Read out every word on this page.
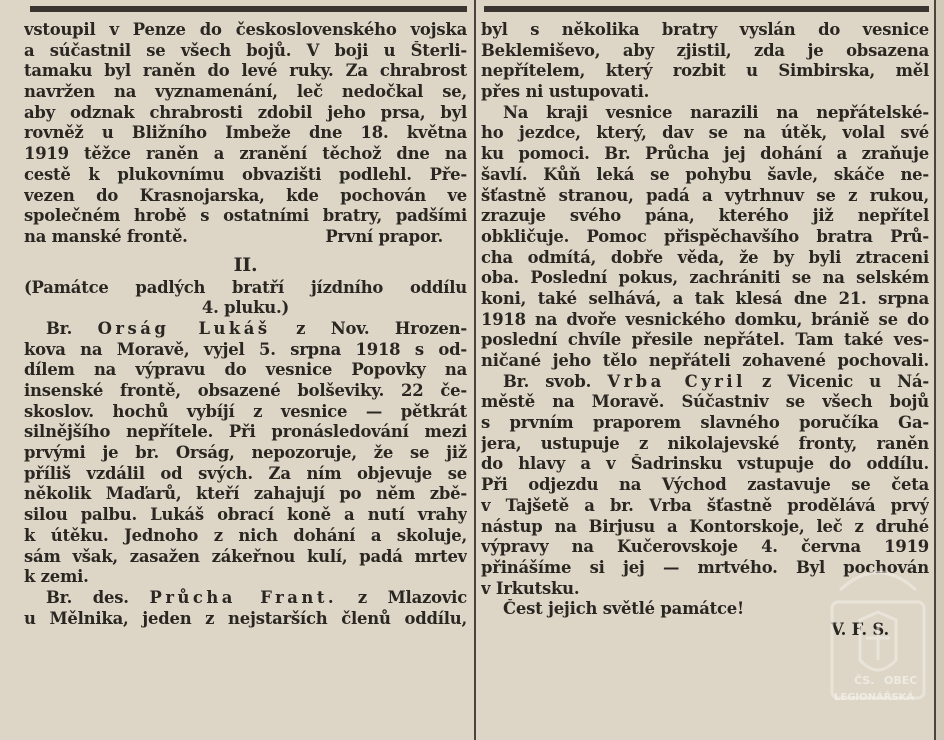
vstoupil v Penze do československého vojska
a súčastnil se všech bojů. V boji u Šterli-
tamaku byl raněn do levé ruky. Za chrabrost
navržen na vyznamenání, leč nedočkal se,
aby odznak chrabrosti zdobil jeho prsa, byl
rovněž u Bližního Imbeže dne 18. května
1919 těžce raněn a zranění těchož dne na
cestě k plukovnímu obvazišti podlehl. Pře-
vezen do Krasnojarska, kde pochován ve
společném hrobě s ostatními bratry, padšími
na manské frontě.	První prapor.
II.
(Památce padlých bratří jízdního oddílu
4. pluku.)
Br. Orság Lukáš z Nov. Hrozen-
kova na Moravě, vyjel 5. srpna 1918 s od-
dílem na výpravu do vesnice Popovky na
insenské frontě, obsazené bolševiky. 22 če-
skoslov. hochů vybíjí z vesnice — pětkrát
silnějšího nepřítele. Při pronásledování mezi
prvými je br. Orság, nepozoruje, že se již
příliš vzdálil od svých. Za ním objevuje se
několik Maďarů, kteří zahajují po něm zbě-
silou palbu. Lukáš obrací koně a nutí vrahy
k útěku. Jednoho z nich dohání a skoluje,
sám však, zasažen zákeřnou kulí, padá mrtev
k zemi.
Br. des. Průcha Frant. z Mlazovic
u Mělnika, jeden z nejstarších členů oddílu,
byl s několika bratry vyslán do vesnice
Beklemiševo, aby zjistil, zda je obsazena
nepřítelem, který rozbit u Simbirska, měl
přes ni ustupovati.
Na kraji vesnice narazili na nepřátelské-
ho jezdce, který, dav se na útěk, volal své
ku pomoci. Br. Průcha jej dohání a zraňuje
šavlí. Kůň leká se pohybu šavle, skáče ne-
šťastně stranou, padá a vytrhnuv se z rukou,
zrazuje svého pána, kterého již nepřítel
obkličuje. Pomoc přispěchavšího bratra Prů-
cha odmítá, dobře věda, že by byli ztraceni
oba. Poslední pokus, zachrániti se na selském
koni, také selhává, a tak klesá dne 21. srpna
1918 na dvoře vesnického domku, brániě se do
poslední chvíle přesile nepřátel. Tam také ves-
ničané jeho tělo nepřáteli zohavené pochovali.
Br. svob. Vrba Cyril z Vicenic u Ná-
městě na Moravě. Súčastniv se všech bojů
s prvním praporem slavného poručíka Ga-
jera, ustupuje z nikolajevské fronty, raněn
do hlavy a v Šadrinsku vstupuje do oddílu.
Při odjezdu na Východ zastavuje se četa
v Tajšetě a br. Vrba šťastně prodělává prvý
nástup na Birjusu a Kontorskoje, leč z druhé
výpravy na Kučerovskoje 4. června 1919
přinášíme si jej — mrtvého. Byl pochován
v Irkutsku.
Čest jejich světlé památce!
V. F. S.
ČS. OBEC
LEGIONÁŘSKÁ
